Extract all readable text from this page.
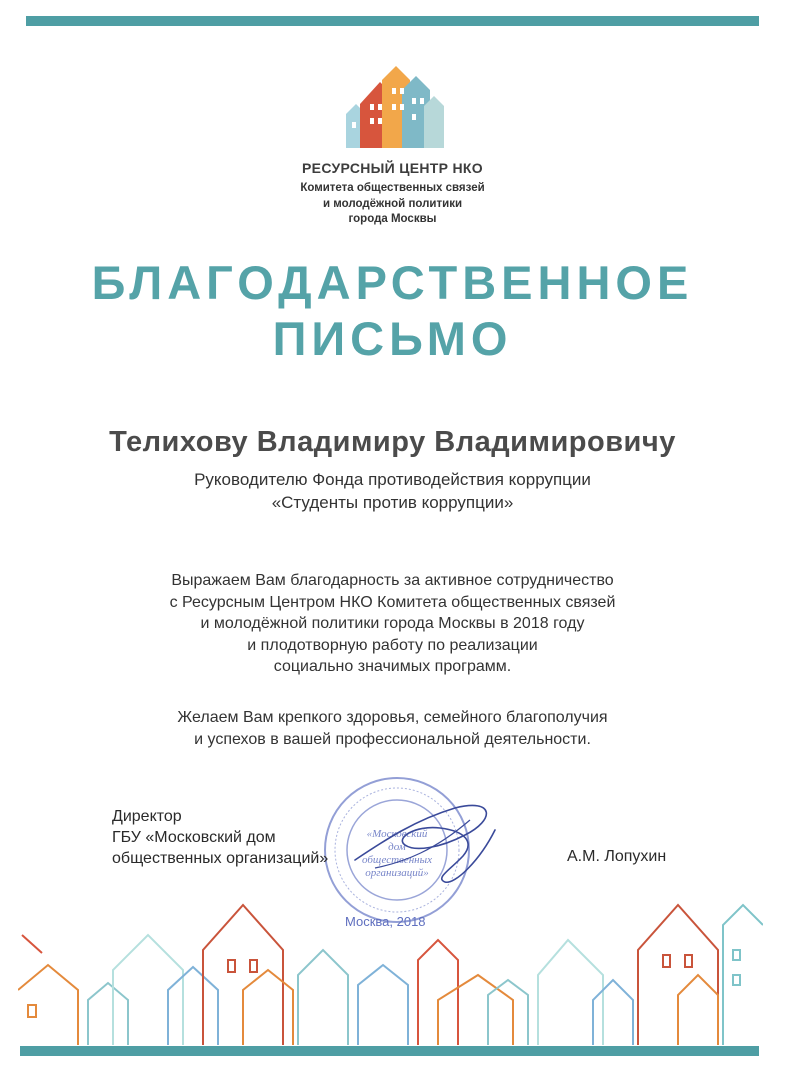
РЕСУРСНЫЙ ЦЕНТР НКО
Комитета общественных связей
и молодёжной политики
города Москвы
БЛАГОДАРСТВЕННОЕ
ПИСЬМО
Телихову Владимиру Владимировичу
Руководителю Фонда противодействия коррупции
«Студенты против коррупции»
Выражаем Вам благодарность за активное сотрудничество
с Ресурсным Центром НКО Комитета общественных связей
и молодёжной политики города Москвы в 2018 году
и плодотворную работу по реализации
социально значимых программ.
Желаем Вам крепкого здоровья, семейного благополучия
и успехов в вашей профессиональной деятельности.
«Московский
дом
общественных
организаций»
Директор
ГБУ «Московский дом
общественных организаций»	А.М. Лопухин
Москва, 2018
